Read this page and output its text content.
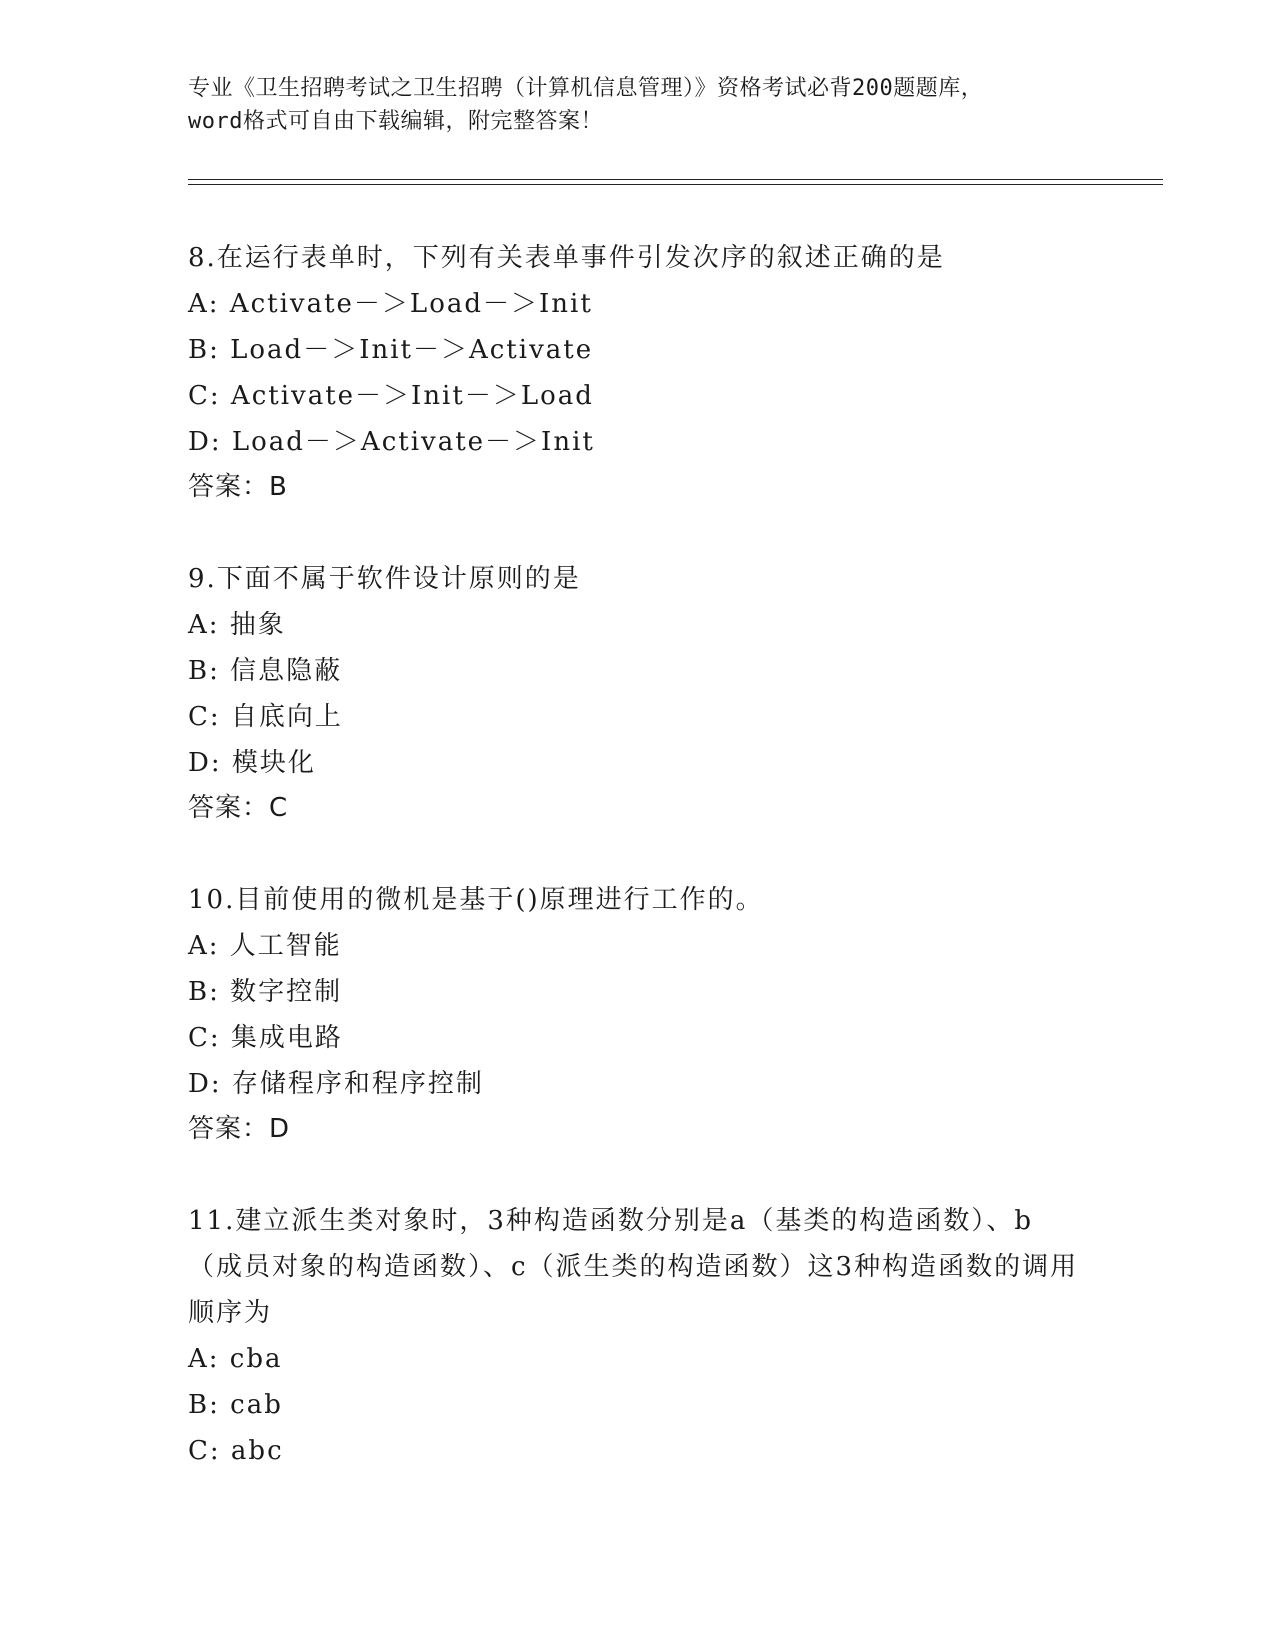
专业《卫生招聘考试之卫生招聘（计算机信息管理）》资格考试必背200题题库，
word格式可自由下载编辑，附完整答案！

8.在运行表单时，下列有关表单事件引发次序的叙述正确的是

A: Activate－＞Load－＞Init

B: Load－＞Init－＞Activate

C: Activate－＞Init－＞Load

D: Load－＞Activate－＞Init

答案：B

9.下面不属于软件设计原则的是

A: 抽象

B: 信息隐蔽

C: 自底向上

D: 模块化

答案：C

10.目前使用的微机是基于()原理进行工作的。

A: 人工智能

B: 数字控制

C: 集成电路

D: 存储程序和程序控制

答案：D

11.建立派生类对象时，3种构造函数分别是a（基类的构造函数）、b（成员对象的构造函数）、c（派生类的构造函数）这3种构造函数的调用顺序为

A: cba

B: cab

C: abc
